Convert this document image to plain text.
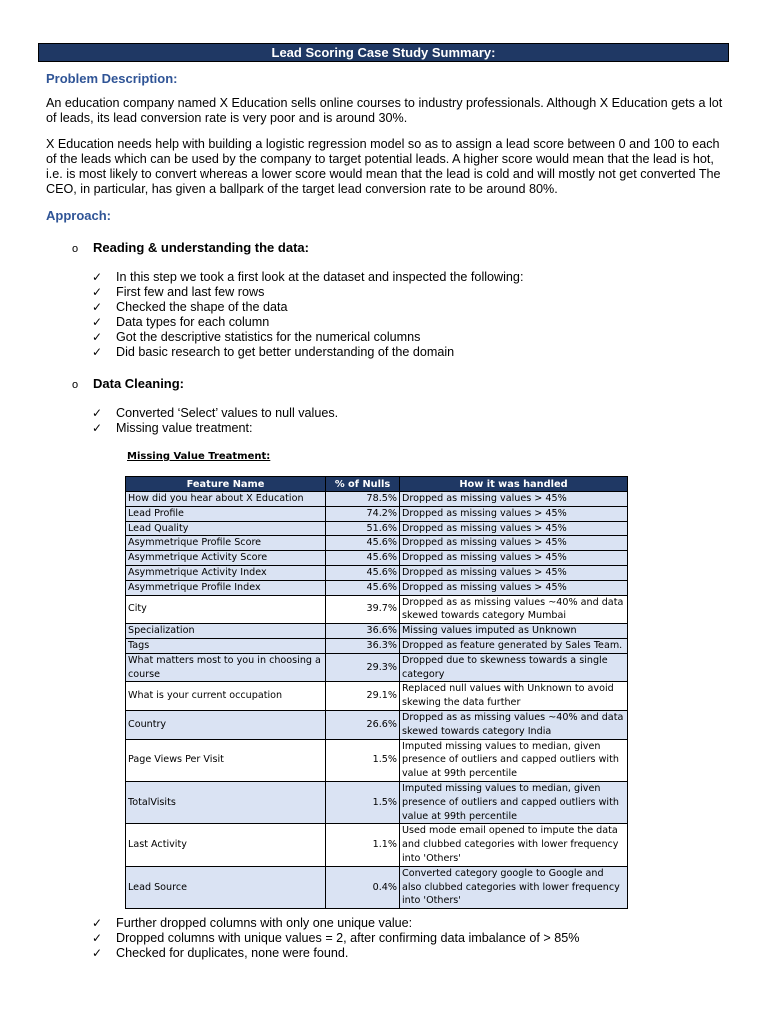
Lead Scoring Case Study Summary:
Problem Description:

An education company named X Education sells online courses to industry professionals. Although X Education gets a lot of leads, its lead conversion rate is very poor and is around 30%.

X Education needs help with building a logistic regression model so as to assign a lead score between 0 and 100 to each of the leads which can be used by the company to target potential leads. A higher score would mean that the lead is hot, i.e. is most likely to convert whereas a lower score would mean that the lead is cold and will mostly not get converted The CEO, in particular, has given a ballpark of the target lead conversion rate to be around 80%.

Approach:
o Reading & understanding the data:
✓ In this step we took a first look at the dataset and inspected the following:
✓ First few and last few rows
✓ Checked the shape of the data
✓ Data types for each column
✓ Got the descriptive statistics for the numerical columns
✓ Did basic research to get better understanding of the domain
o Data Cleaning:
✓ Converted ‘Select’ values to null values.
✓ Missing value treatment:
Missing Value Treatment:
Feature Name	% of Nulls	How it was handled
How did you hear about X Education	78.5%	Dropped as missing values > 45%
Lead Profile	74.2%	Dropped as missing values > 45%
Lead Quality	51.6%	Dropped as missing values > 45%
Asymmetrique Profile Score	45.6%	Dropped as missing values > 45%
Asymmetrique Activity Score	45.6%	Dropped as missing values > 45%
Asymmetrique Activity Index	45.6%	Dropped as missing values > 45%
Asymmetrique Profile Index	45.6%	Dropped as missing values > 45%
City	39.7%	Dropped as as missing values ~40% and data skewed towards category Mumbai
Specialization	36.6%	Missing values imputed as Unknown
Tags	36.3%	Dropped as feature generated by Sales Team.
What matters most to you in choosing a course	29.3%	Dropped due to skewness towards a single category
What is your current occupation	29.1%	Replaced null values with Unknown to avoid skewing the data further
Country	26.6%	Dropped as as missing values ~40% and data skewed towards category India
Page Views Per Visit	1.5%	Imputed missing values to median, given presence of outliers and capped outliers with value at 99th percentile
TotalVisits	1.5%	Imputed missing values to median, given presence of outliers and capped outliers with value at 99th percentile
Last Activity	1.1%	Used mode email opened to impute the data and clubbed categories with lower frequency into 'Others'
Lead Source	0.4%	Converted category google to Google and also clubbed categories with lower frequency into 'Others'
✓ Further dropped columns with only one unique value:
✓ Dropped columns with unique values = 2, after confirming data imbalance of > 85%
✓ Checked for duplicates, none were found.
